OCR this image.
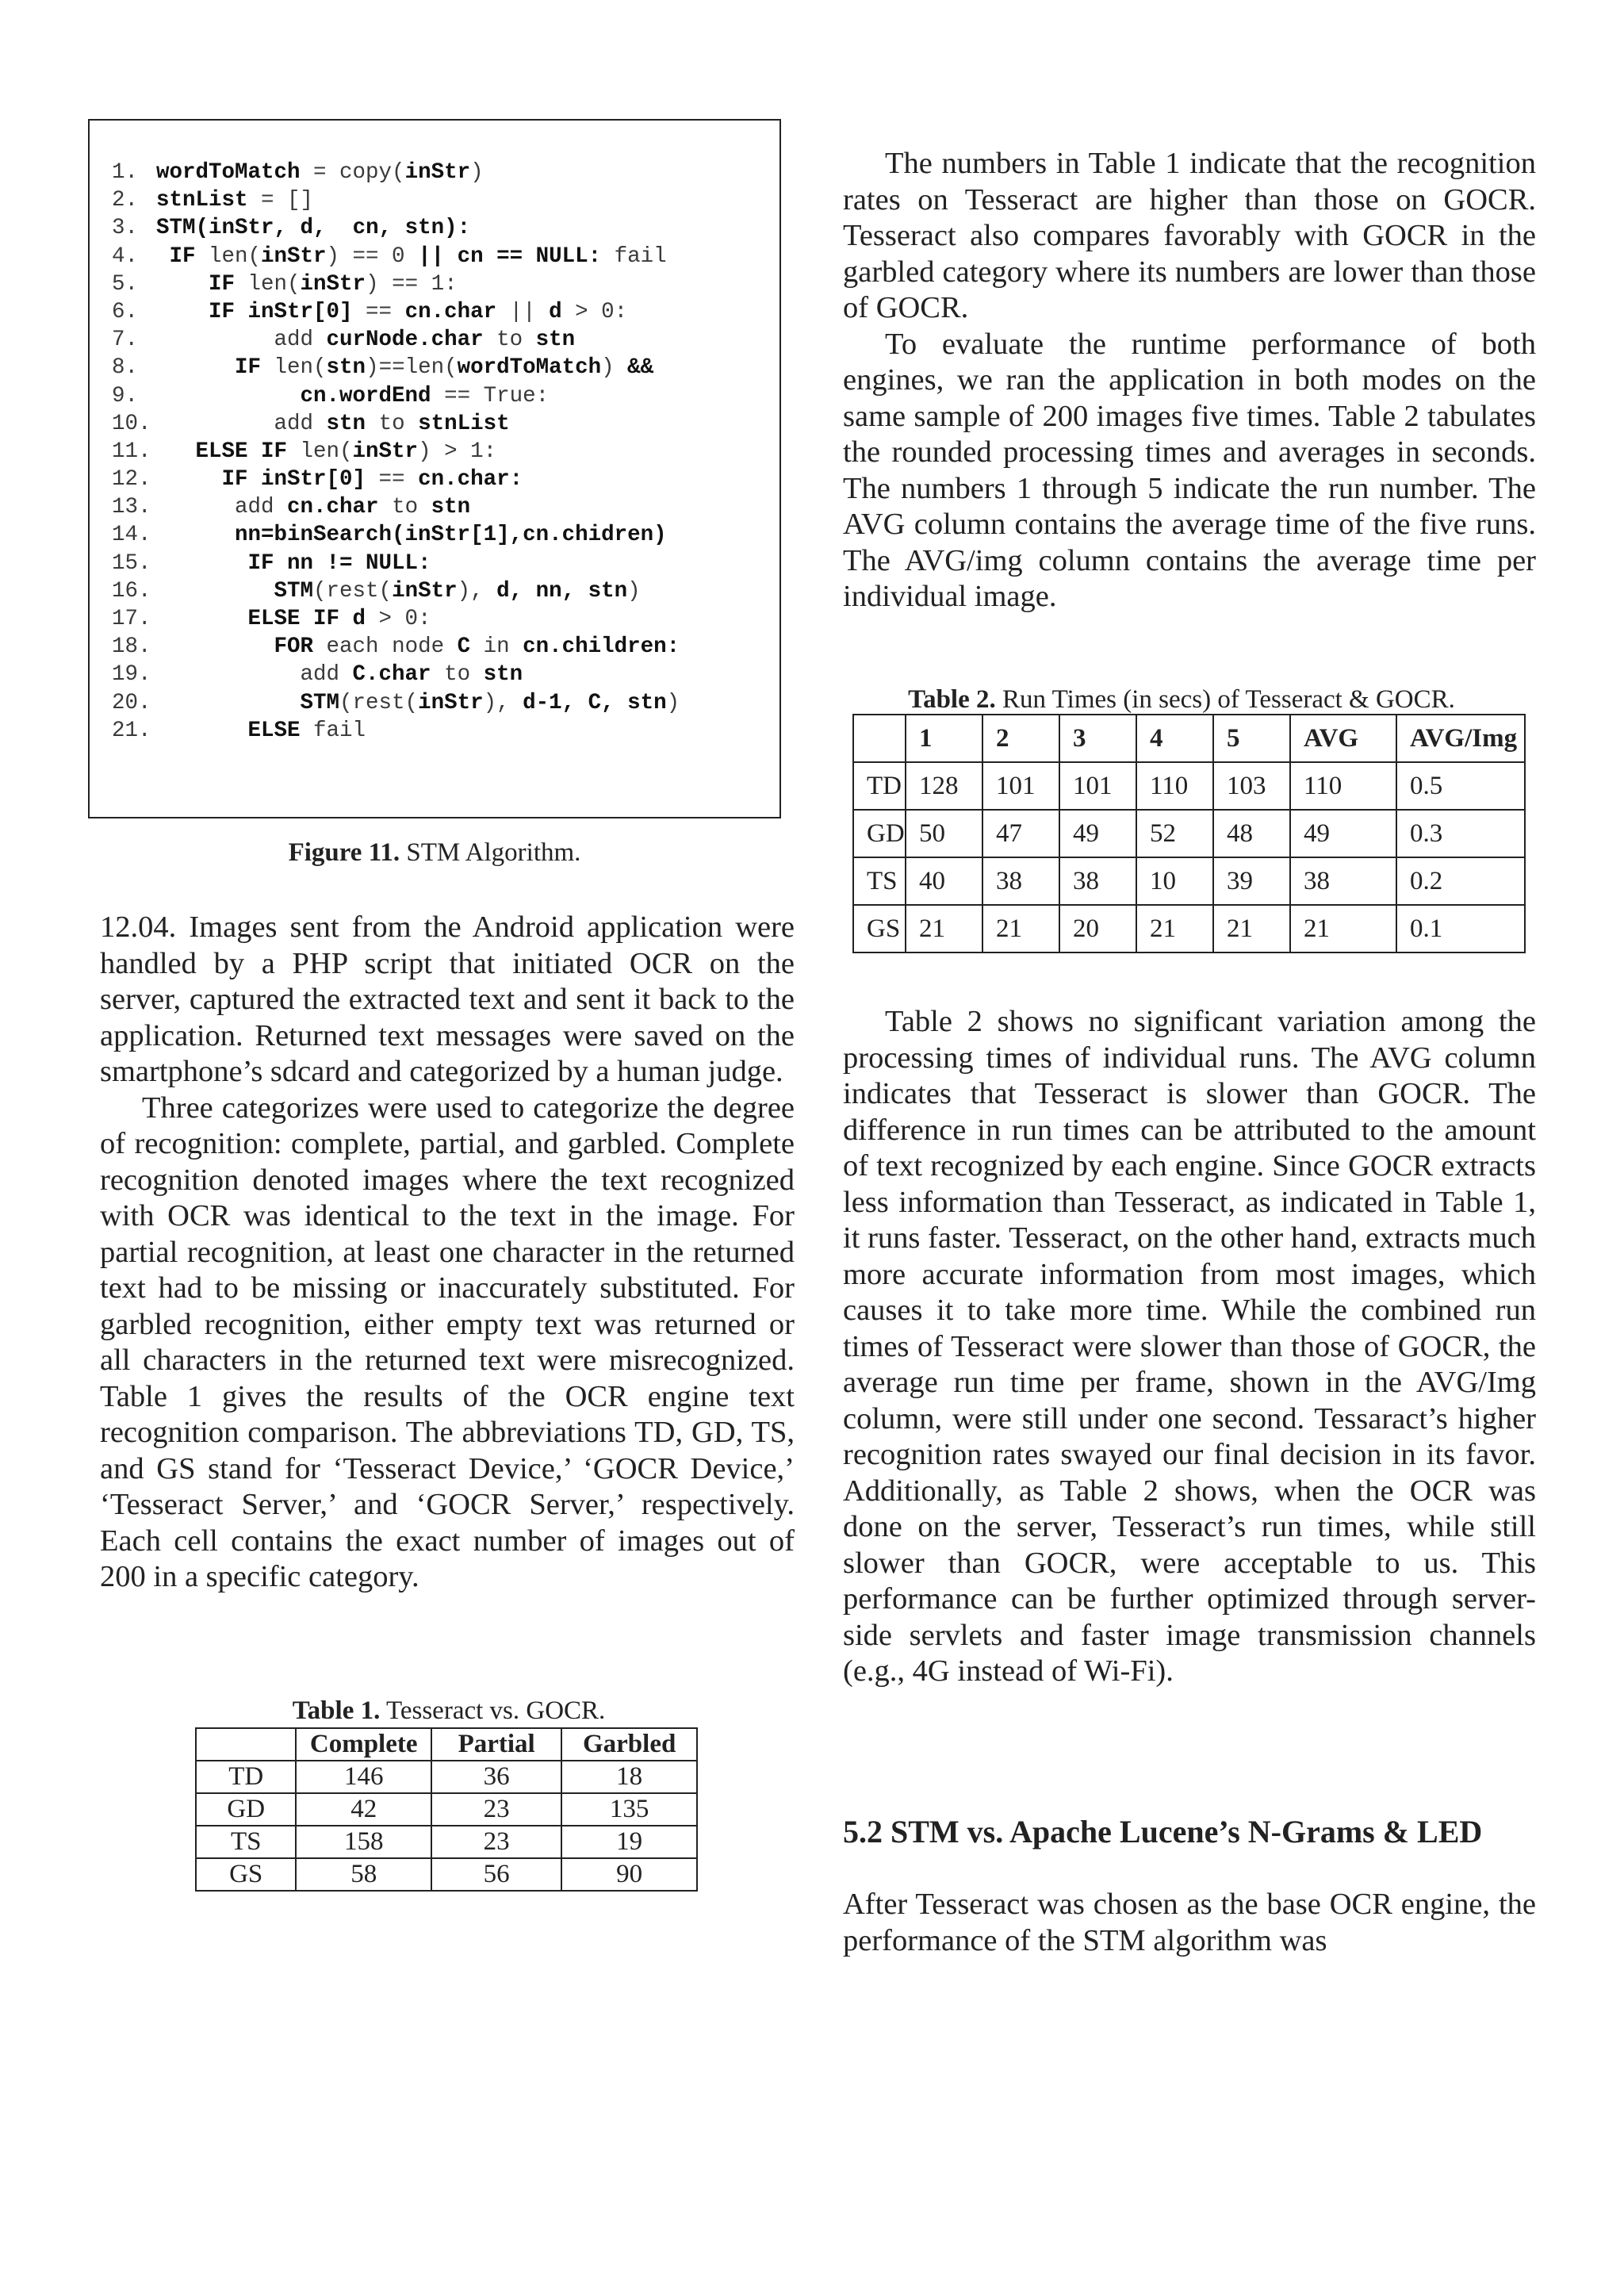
1. wordToMatch = copy(inStr)
2. stnList = []
3. STM(inStr, d, cn, stn):
4. IF len(inStr) == 0 || cn == NULL: fail
5.    IF len(inStr) == 1:
6.    IF inStr[0] == cn.char || d > 0:
7.         add curNode.char to stn
8.      IF len(stn)==len(wordToMatch) &&
9.           cn.wordEnd == True:
10.         add stn to stnList
11.   ELSE IF len(inStr) > 1:
12.     IF inStr[0] == cn.char:
13.      add cn.char to stn
14.      nn=binSearch(inStr[1],cn.chidren)
15.       IF nn != NULL:
16.         STM(rest(inStr), d, nn, stn)
17.       ELSE IF d > 0:
18.         FOR each node C in cn.children:
19.           add C.char to stn
20.           STM(rest(inStr), d-1, C, stn)
21.       ELSE fail
Figure 11. STM Algorithm.

12.04. Images sent from the Android application were handled by a PHP script that initiated OCR on the server, captured the extracted text and sent it back to the application. Returned text messages were saved on the smartphone’s sdcard and categorized by a human judge.

Three categorizes were used to categorize the degree of recognition: complete, partial, and garbled. Complete recognition denoted images where the text recognized with OCR was identical to the text in the image. For partial recognition, at least one character in the returned text had to be missing or inaccurately substituted. For garbled recognition, either empty text was returned or all characters in the returned text were misrecognized. Table 1 gives the results of the OCR engine text recognition comparison. The abbreviations TD, GD, TS, and GS stand for ‘Tesseract Device,’ ‘GOCR Device,’ ‘Tesseract Server,’ and ‘GOCR Server,’ respectively. Each cell contains the exact number of images out of 200 in a specific category.

Table 1. Tesseract vs. GOCR.
	Complete	Partial	Garbled
TD	146	36	18
GD	42	23	135
TS	158	23	19
GS	58	56	90

The numbers in Table 1 indicate that the recognition rates on Tesseract are higher than those on GOCR. Tesseract also compares favorably with GOCR in the garbled category where its numbers are lower than those of GOCR.

To evaluate the runtime performance of both engines, we ran the application in both modes on the same sample of 200 images five times. Table 2 tabulates the rounded processing times and averages in seconds. The numbers 1 through 5 indicate the run number. The AVG column contains the average time of the five runs. The AVG/img column contains the average time per individual image.

Table 2. Run Times (in secs) of Tesseract & GOCR.
	1	2	3	4	5	AVG	AVG/Img
TD	128	101	101	110	103	110	0.5
GD	50	47	49	52	48	49	0.3
TS	40	38	38	10	39	38	0.2
GS	21	21	20	21	21	21	0.1

Table 2 shows no significant variation among the processing times of individual runs. The AVG column indicates that Tesseract is slower than GOCR. The difference in run times can be attributed to the amount of text recognized by each engine. Since GOCR extracts less information than Tesseract, as indicated in Table 1, it runs faster. Tesseract, on the other hand, extracts much more accurate information from most images, which causes it to take more time. While the combined run times of Tesseract were slower than those of GOCR, the average run time per frame, shown in the AVG/Img column, were still under one second. Tessaract’s higher recognition rates swayed our final decision in its favor. Additionally, as Table 2 shows, when the OCR was done on the server, Tesseract’s run times, while still slower than GOCR, were acceptable to us. This performance can be further optimized through server-side servlets and faster image transmission channels (e.g., 4G instead of Wi-Fi).

5.2 STM vs. Apache Lucene’s N-Grams & LED

After Tesseract was chosen as the base OCR engine, the performance of the STM algorithm was
